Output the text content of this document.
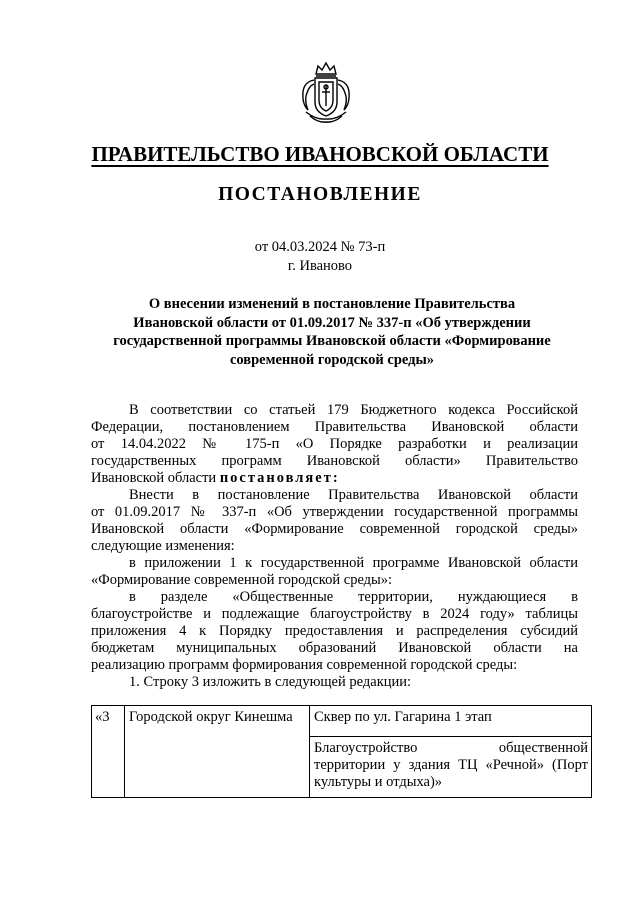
ПРАВИТЕЛЬСТВО ИВАНОВСКОЙ ОБЛАСТИ
ПОСТАНОВЛЕНИЕ
от 04.03.2024 № 73-п
г. Иваново
О внесении изменений в постановление Правительства
Ивановской области от 01.09.2017 № 337-п «Об утверждении
государственной программы Ивановской области «Формирование
современной городской среды»
В соответствии со статьей 179 Бюджетного кодекса Российской
Федерации, постановлением Правительства Ивановской области
от 14.04.2022 № 175-п «О Порядке разработки и реализации
государственных программ Ивановской области» Правительство
Ивановской области постановляет:
Внести в постановление Правительства Ивановской области
от 01.09.2017 № 337-п «Об утверждении государственной программы
Ивановской области «Формирование современной городской среды»
следующие изменения:
в приложении 1 к государственной программе Ивановской области
«Формирование современной городской среды»:
в разделе «Общественные территории, нуждающиеся в
благоустройстве и подлежащие благоустройству в 2024 году» таблицы
приложения 4 к Порядку предоставления и распределения субсидий
бюджетам муниципальных образований Ивановской области на
реализацию программ формирования современной городской среды:
1. Строку 3 изложить в следующей редакции:
«3	Городской округ Кинешма	Сквер по ул. Гагарина 1 этап

Благоустройство общественной
территории у здания ТЦ «Речной» (Порт
культуры и отдыха)»
